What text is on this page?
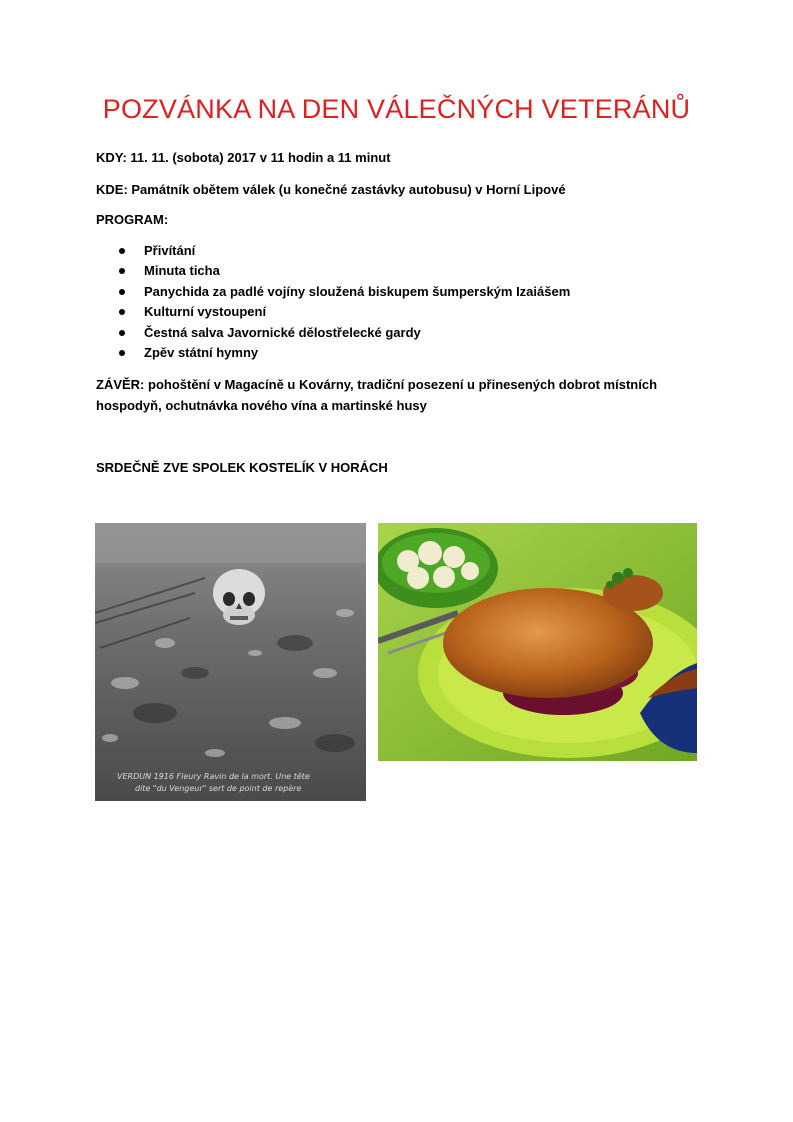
POZVÁNKA NA DEN VÁLEČNÝCH VETERÁNŮ
KDY: 11. 11. (sobota) 2017 v 11 hodin a 11 minut
KDE: Památník obětem válek (u konečné zastávky autobusu) v Horní Lipové
PROGRAM:
Přivítání
Minuta ticha
Panychida za padlé vojíny sloužená biskupem šumperským Izaiášem
Kulturní vystoupení
Čestná salva Javornické dělostřelecké gardy
Zpěv státní hymny
ZÁVĚR: pohoštění v Magacíně u Kovárny, tradiční posezení u přinesených dobrot místních hospodyň, ochutnávka nového vína a martinské husy
SRDEČNĚ ZVE SPOLEK KOSTELÍK V HORÁCH
VERDUN 1916 Fleury Ravin de la mort. Une tête
dite "du Vengeur" sert de point de repère
